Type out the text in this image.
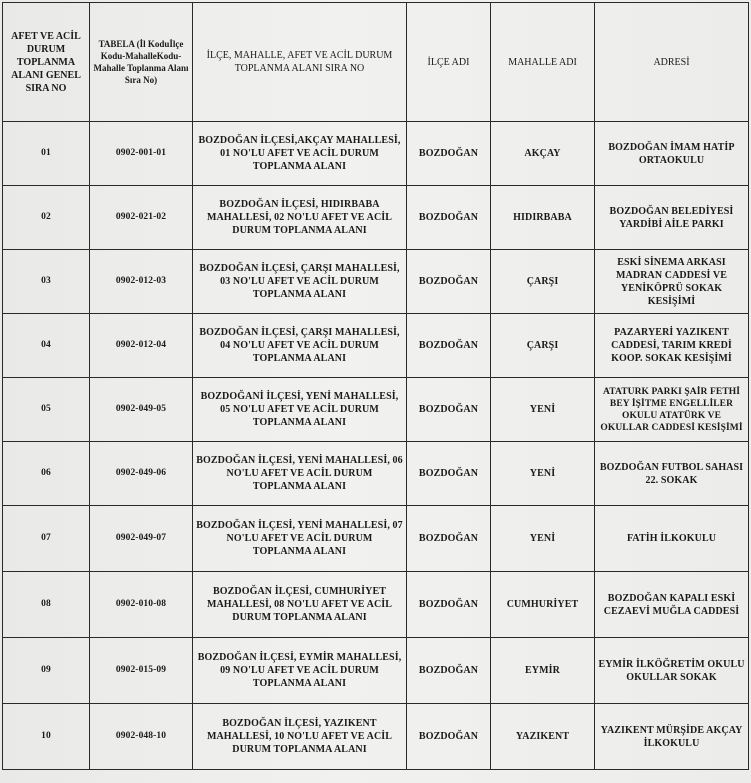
AFET VE ACİL DURUM TOPLANMA ALANI GENEL SIRA NO	TABELA (İl Koduİlçe Kodu-MahalleKodu-Mahalle Toplanma Alanı Sıra No)	İLÇE, MAHALLE, AFET VE ACİL DURUM TOPLANMA ALANI SIRA NO	İLÇE ADI	MAHALLE ADI	ADRESİ
01	0902-001-01	BOZDOĞAN İLÇESİ,AKÇAY MAHALLESİ, 01 NO'LU AFET VE ACİL DURUM TOPLANMA ALANI	BOZDOĞAN	AKÇAY	BOZDOĞAN İMAM HATİP ORTAOKULU
02	0902-021-02	BOZDOĞAN İLÇESİ, HIDIRBABA MAHALLESİ, 02 NO'LU AFET VE ACİL DURUM TOPLANMA ALANI	BOZDOĞAN	HIDIRBABA	BOZDOĞAN BELEDİYESİ YARDİBİ AİLE PARKI
03	0902-012-03	BOZDOĞAN İLÇESİ, ÇARŞI MAHALLESİ, 03 NO'LU AFET VE ACİL DURUM TOPLANMA ALANI	BOZDOĞAN	ÇARŞI	ESKİ SİNEMA ARKASI MADRAN CADDESİ VE YENİKÖPRÜ SOKAK KESİŞİMİ
04	0902-012-04	BOZDOĞAN İLÇESİ, ÇARŞI MAHALLESİ, 04 NO'LU AFET VE ACİL DURUM TOPLANMA ALANI	BOZDOĞAN	ÇARŞI	PAZARYERİ YAZIKENT CADDESİ, TARIM KREDİ KOOP. SOKAK KESİŞİMİ
05	0902-049-05	BOZDOĞANİ İLÇESİ, YENİ MAHALLESİ, 05 NO'LU AFET VE ACİL DURUM TOPLANMA ALANI	BOZDOĞAN	YENİ	ATATURK PARKI ŞAİR FETHİ BEY İŞİTME ENGELLİLER OKULU ATATÜRK VE OKULLAR CADDESİ KESİŞİMİ
06	0902-049-06	BOZDOĞAN İLÇESİ, YENİ MAHALLESİ, 06 NO'LU AFET VE ACİL DURUM TOPLANMA ALANI	BOZDOĞAN	YENİ	BOZDOĞAN FUTBOL SAHASI 22. SOKAK
07	0902-049-07	BOZDOĞAN İLÇESİ, YENİ MAHALLESİ, 07 NO'LU AFET VE ACİL DURUM TOPLANMA ALANI	BOZDOĞAN	YENİ	FATİH İLKOKULU
08	0902-010-08	BOZDOĞAN İLÇESİ, CUMHURİYET MAHALLESİ, 08 NO'LU AFET VE ACİL DURUM TOPLANMA ALANI	BOZDOĞAN	CUMHURİYET	BOZDOĞAN KAPALI ESKİ CEZAEVİ MUĞLA CADDESİ
09	0902-015-09	BOZDOĞAN İLÇESİ, EYMİR MAHALLESİ, 09 NO'LU AFET VE ACİL DURUM TOPLANMA ALANI	BOZDOĞAN	EYMİR	EYMİR İLKÖĞRETİM OKULU OKULLAR SOKAK
10	0902-048-10	BOZDOĞAN İLÇESİ, YAZIKENT MAHALLESİ, 10 NO'LU AFET VE ACİL DURUM TOPLANMA ALANI	BOZDOĞAN	YAZIKENT	YAZIKENT MÜRŞİDE AKÇAY İLKOKULU
